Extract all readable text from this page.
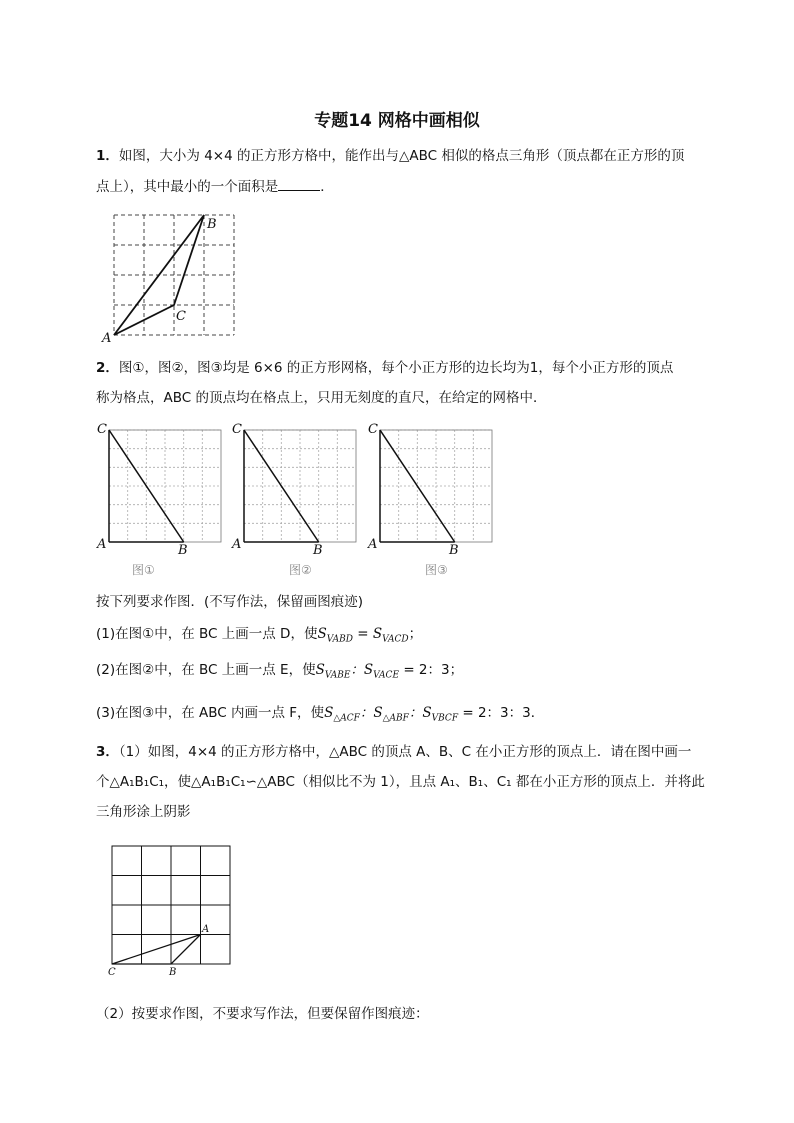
专题14 网格中画相似
1．如图，大小为 4×4 的正方形方格中，能作出与△ABC 相似的格点三角形（顶点都在正方形的顶
点上），其中最小的一个面积是	．
A
B
C
2．图①，图②，图③均是 6×6 的正方形网格，每个小正方形的边长均为1，每个小正方形的顶点
称为格点，ABC 的顶点均在格点上，只用无刻度的直尺，在给定的网格中．
C
A	B
图①
C
A	B
图②
C
A	B
图③
按下列要求作图．(不写作法，保留画图痕迹)
(1)在图①中，在 BC 上画一点 D，使$S_{VABD} = S_{VACD}$；
(2)在图②中，在 BC 上画一点 E，使$S_{VABE}$：$S_{VACE} = 2$：3；
(3)在图③中，在 ABC 内画一点 F，使$S_{\triangle ACF}$：$S_{\triangle ABF}$：$S_{VBCF} = 2$：3：3．
3．（1）如图，4×4 的正方形方格中，△ABC 的顶点 A、B、C 在小正方形的顶点上．请在图中画一
个△A₁B₁C₁，使△A₁B₁C₁∽△ABC（相似比不为 1），且点 A₁、B₁、C₁ 都在小正方形的顶点上．并将此
三角形涂上阴影
A
B
C
（2）按要求作图，不要求写作法，但要保留作图痕迹：
